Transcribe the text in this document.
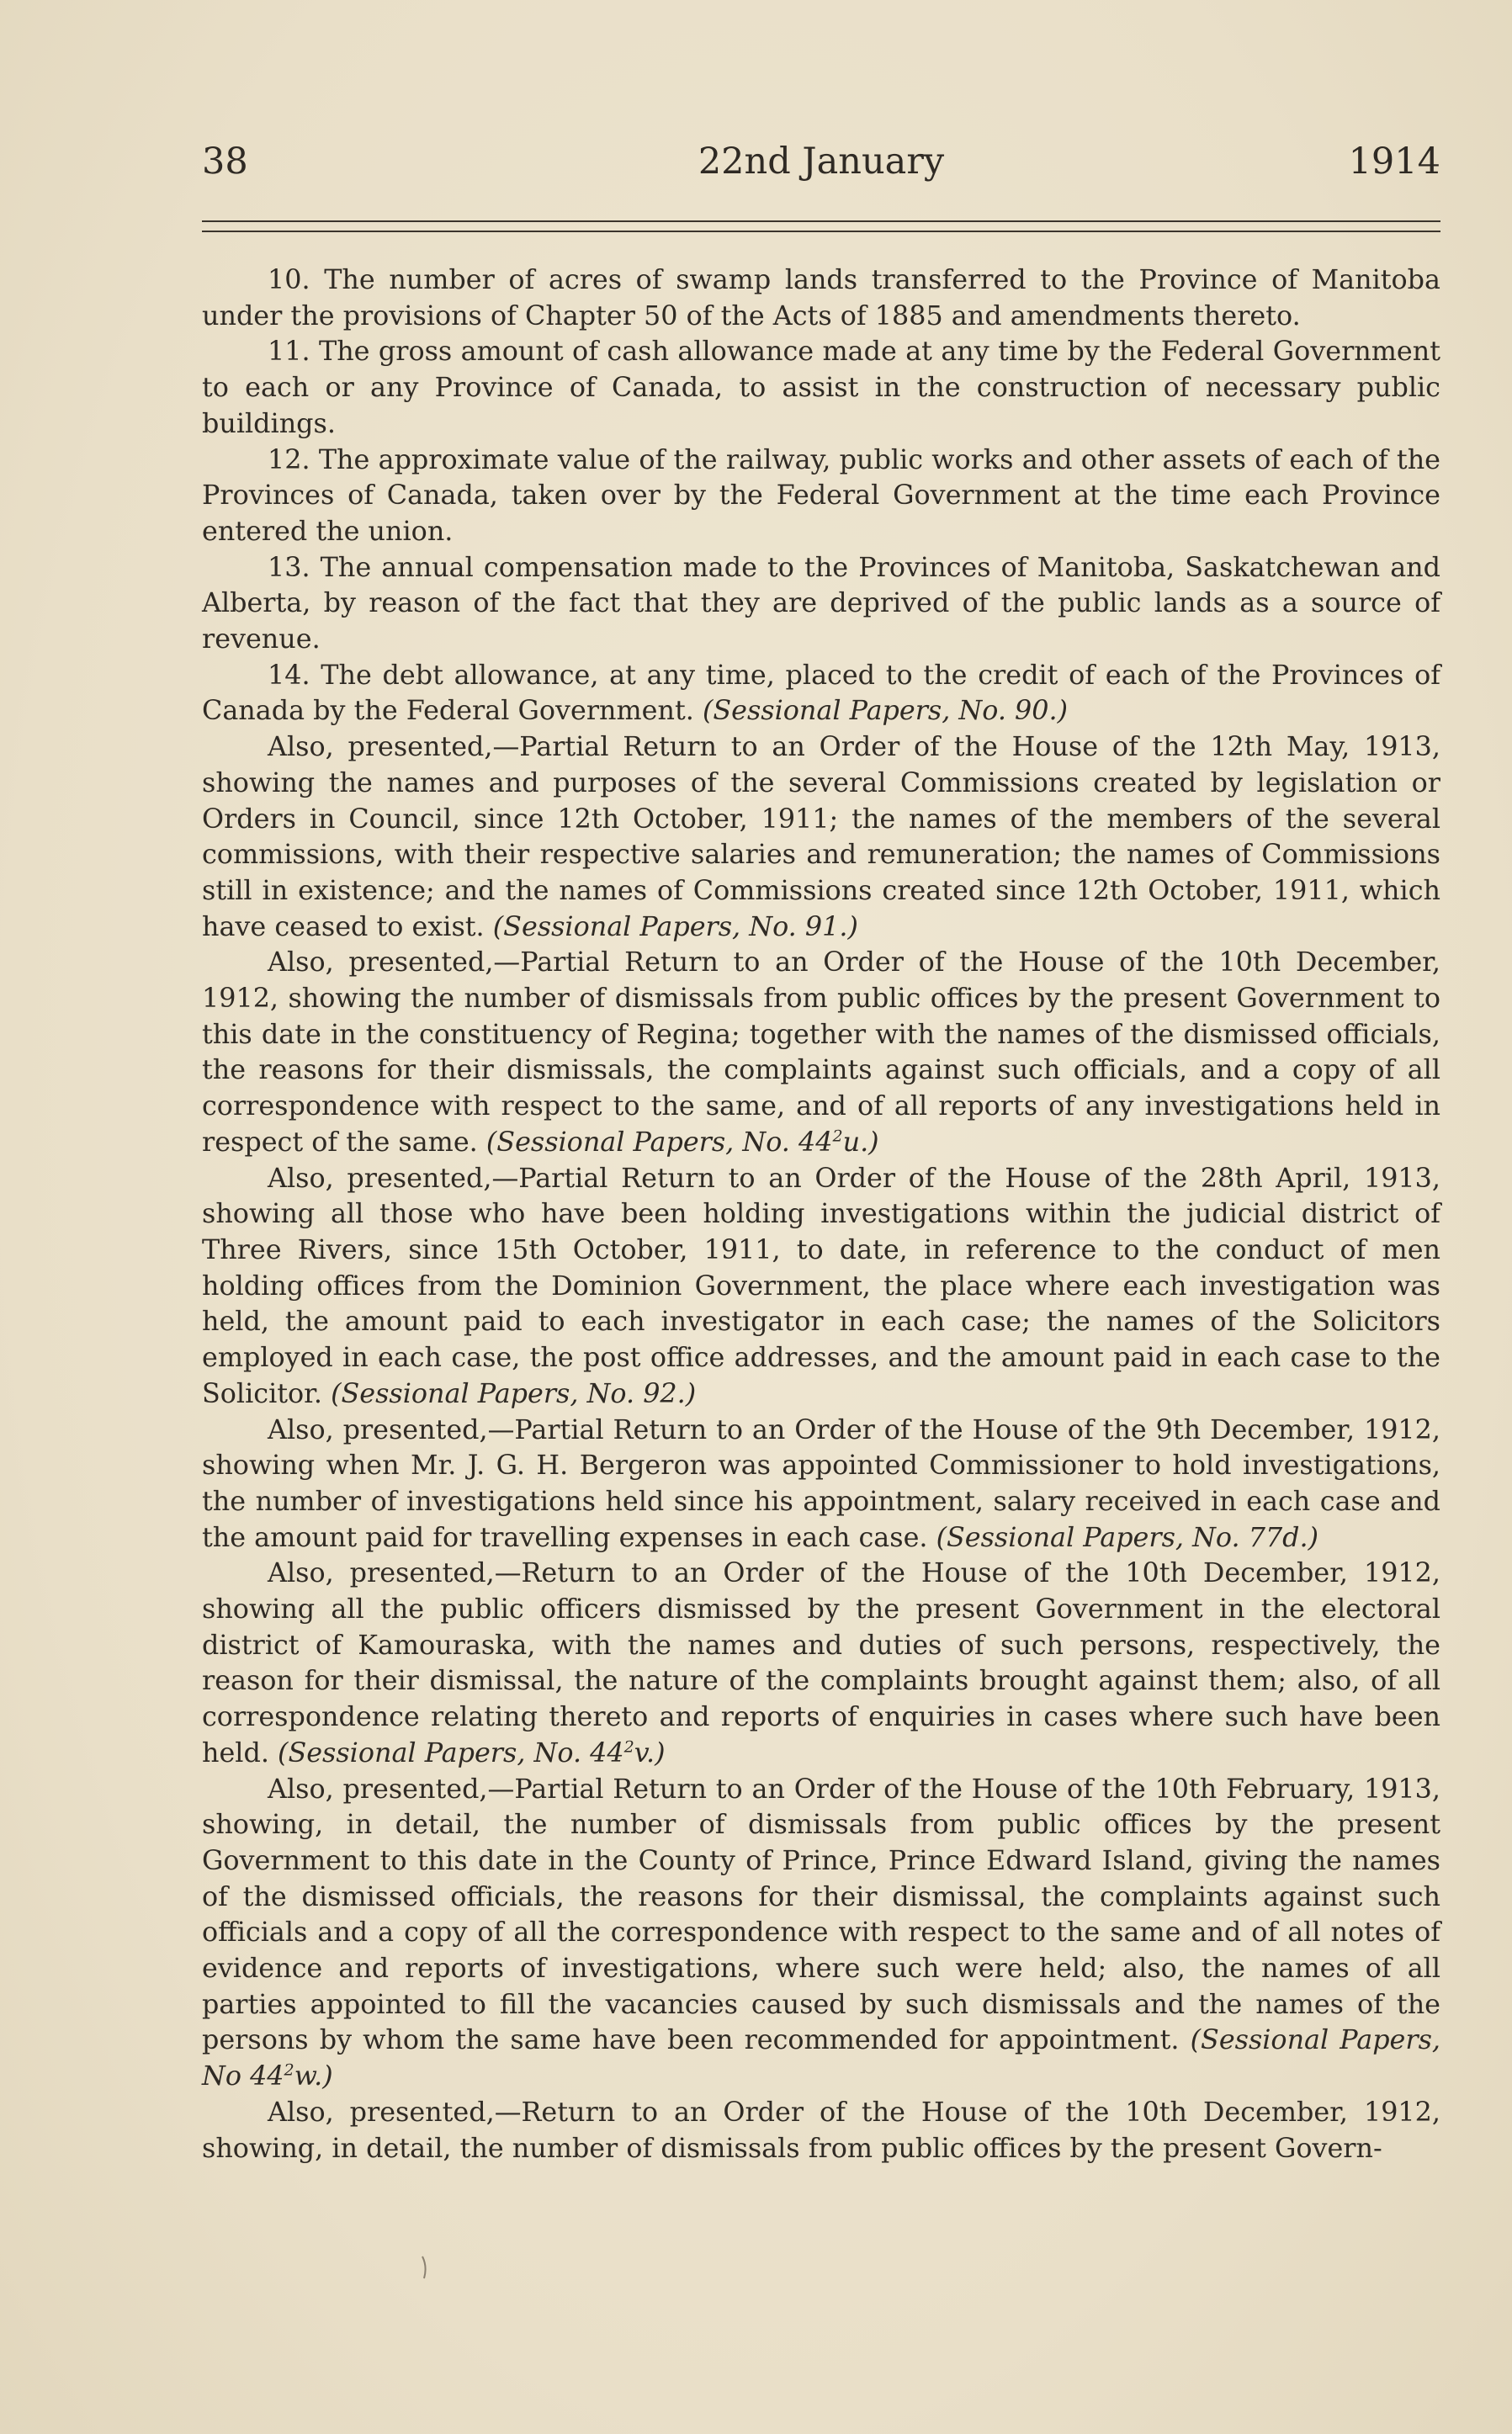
38	22nd January	1914

10. The number of acres of swamp lands transferred to the Province of Manitoba under the provisions of Chapter 50 of the Acts of 1885 and amendments thereto.

11. The gross amount of cash allowance made at any time by the Federal Government to each or any Province of Canada, to assist in the construction of necessary public buildings.

12. The approximate value of the railway, public works and other assets of each of the Provinces of Canada, taken over by the Federal Government at the time each Province entered the union.

13. The annual compensation made to the Provinces of Manitoba, Saskatchewan and Alberta, by reason of the fact that they are deprived of the public lands as a source of revenue.

14. The debt allowance, at any time, placed to the credit of each of the Provinces of Canada by the Federal Government. (Sessional Papers, No. 90.)

Also, presented,—Partial Return to an Order of the House of the 12th May, 1913, showing the names and purposes of the several Commissions created by legislation or Orders in Council, since 12th October, 1911; the names of the members of the several commissions, with their respective salaries and remuneration; the names of Commissions still in existence; and the names of Commissions created since 12th October, 1911, which have ceased to exist. (Sessional Papers, No. 91.)

Also, presented,—Partial Return to an Order of the House of the 10th December, 1912, showing the number of dismissals from public offices by the present Government to this date in the constituency of Regina; together with the names of the dismissed officials, the reasons for their dismissals, the complaints against such officials, and a copy of all correspondence with respect to the same, and of all reports of any investigations held in respect of the same. (Sessional Papers, No. $44^2u$.)

Also, presented,—Partial Return to an Order of the House of the 28th April, 1913, showing all those who have been holding investigations within the judicial district of Three Rivers, since 15th October, 1911, to date, in reference to the conduct of men holding offices from the Dominion Government, the place where each investigation was held, the amount paid to each investigator in each case; the names of the Solicitors employed in each case, the post office addresses, and the amount paid in each case to the Solicitor. (Sessional Papers, No. 92.)

Also, presented,—Partial Return to an Order of the House of the 9th December, 1912, showing when Mr. J. G. H. Bergeron was appointed Commissioner to hold investigations, the number of investigations held since his appointment, salary received in each case and the amount paid for travelling expenses in each case. (Sessional Papers, No. 77d.)

Also, presented,—Return to an Order of the House of the 10th December, 1912, showing all the public officers dismissed by the present Government in the electoral district of Kamouraska, with the names and duties of such persons, respectively, the reason for their dismissal, the nature of the complaints brought against them; also, of all correspondence relating thereto and reports of enquiries in cases where such have been held. (Sessional Papers, No. $44^2v$.)

Also, presented,—Partial Return to an Order of the House of the 10th February, 1913, showing, in detail, the number of dismissals from public offices by the present Government to this date in the County of Prince, Prince Edward Island, giving the names of the dismissed officials, the reasons for their dismissal, the complaints against such officials and a copy of all the correspondence with respect to the same and of all notes of evidence and reports of investigations, where such were held; also, the names of all parties appointed to fill the vacancies caused by such dismissals and the names of the persons by whom the same have been recommended for appointment. (Sessional Papers, No $44^2w$.)

Also, presented,—Return to an Order of the House of the 10th December, 1912, showing, in detail, the number of dismissals from public offices by the present Govern-
